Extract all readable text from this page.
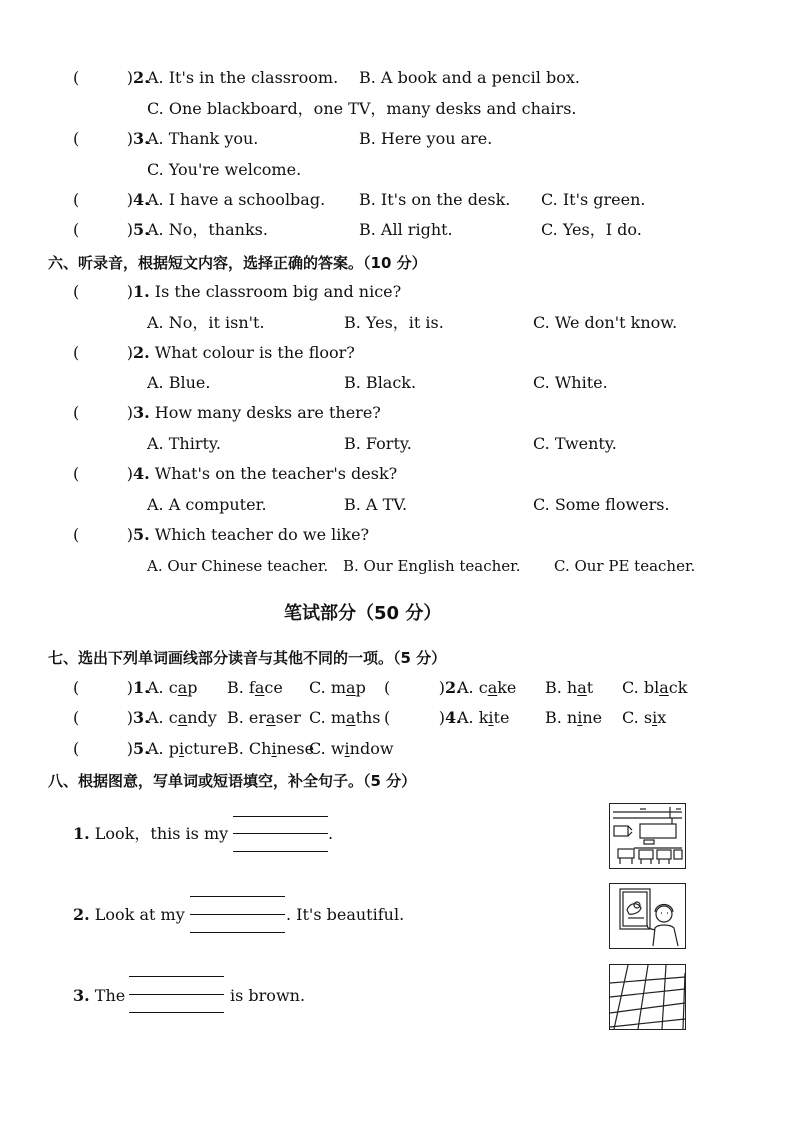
( )2.
A. It's in the classroom. B. A book and a pencil box.
C. One blackboard，one TV，many desks and chairs.
( )3.
A. Thank you.	B. Here you are.
C. You're welcome.
( )4.
A. I have a schoolbag. B. It's on the desk. C. It's green.
( )5.
A. No，thanks.	B. All right.	C. Yes，I do.
六、听录音，根据短文内容，选择正确的答案。（10 分）
( )1. Is the classroom big and nice?
A. No，it isn't.	B. Yes，it is.	C. We don't know.
( )2. What colour is the floor?
A. Blue.	B. Black.	C. White.
( )3. How many desks are there?
A. Thirty.	B. Forty.	C. Twenty.
( )4. What's on the teacher's desk?
A. A computer.	B. A TV.	C. Some flowers.
( )5. Which teacher do we like?
A. Our Chinese teacher. B. Our English teacher. C. Our PE teacher.
笔试部分（50 分）
七、选出下列单词画线部分读音与其他不同的一项。（5 分）
( )1.
A. cap B. face C. map ( )	2.
A. cake B. hat C. black
( )3.
A. candy B. eraser C. maths ( )	4.
A. kite B. nine C. six
( )5.
A. picture B. Chinese
C. window
八、根据图意，写单词或短语填空，补全句子。（5 分）
1. Look，this is my	.
2. Look at my	. It's beautiful.
3. The	is brown.
